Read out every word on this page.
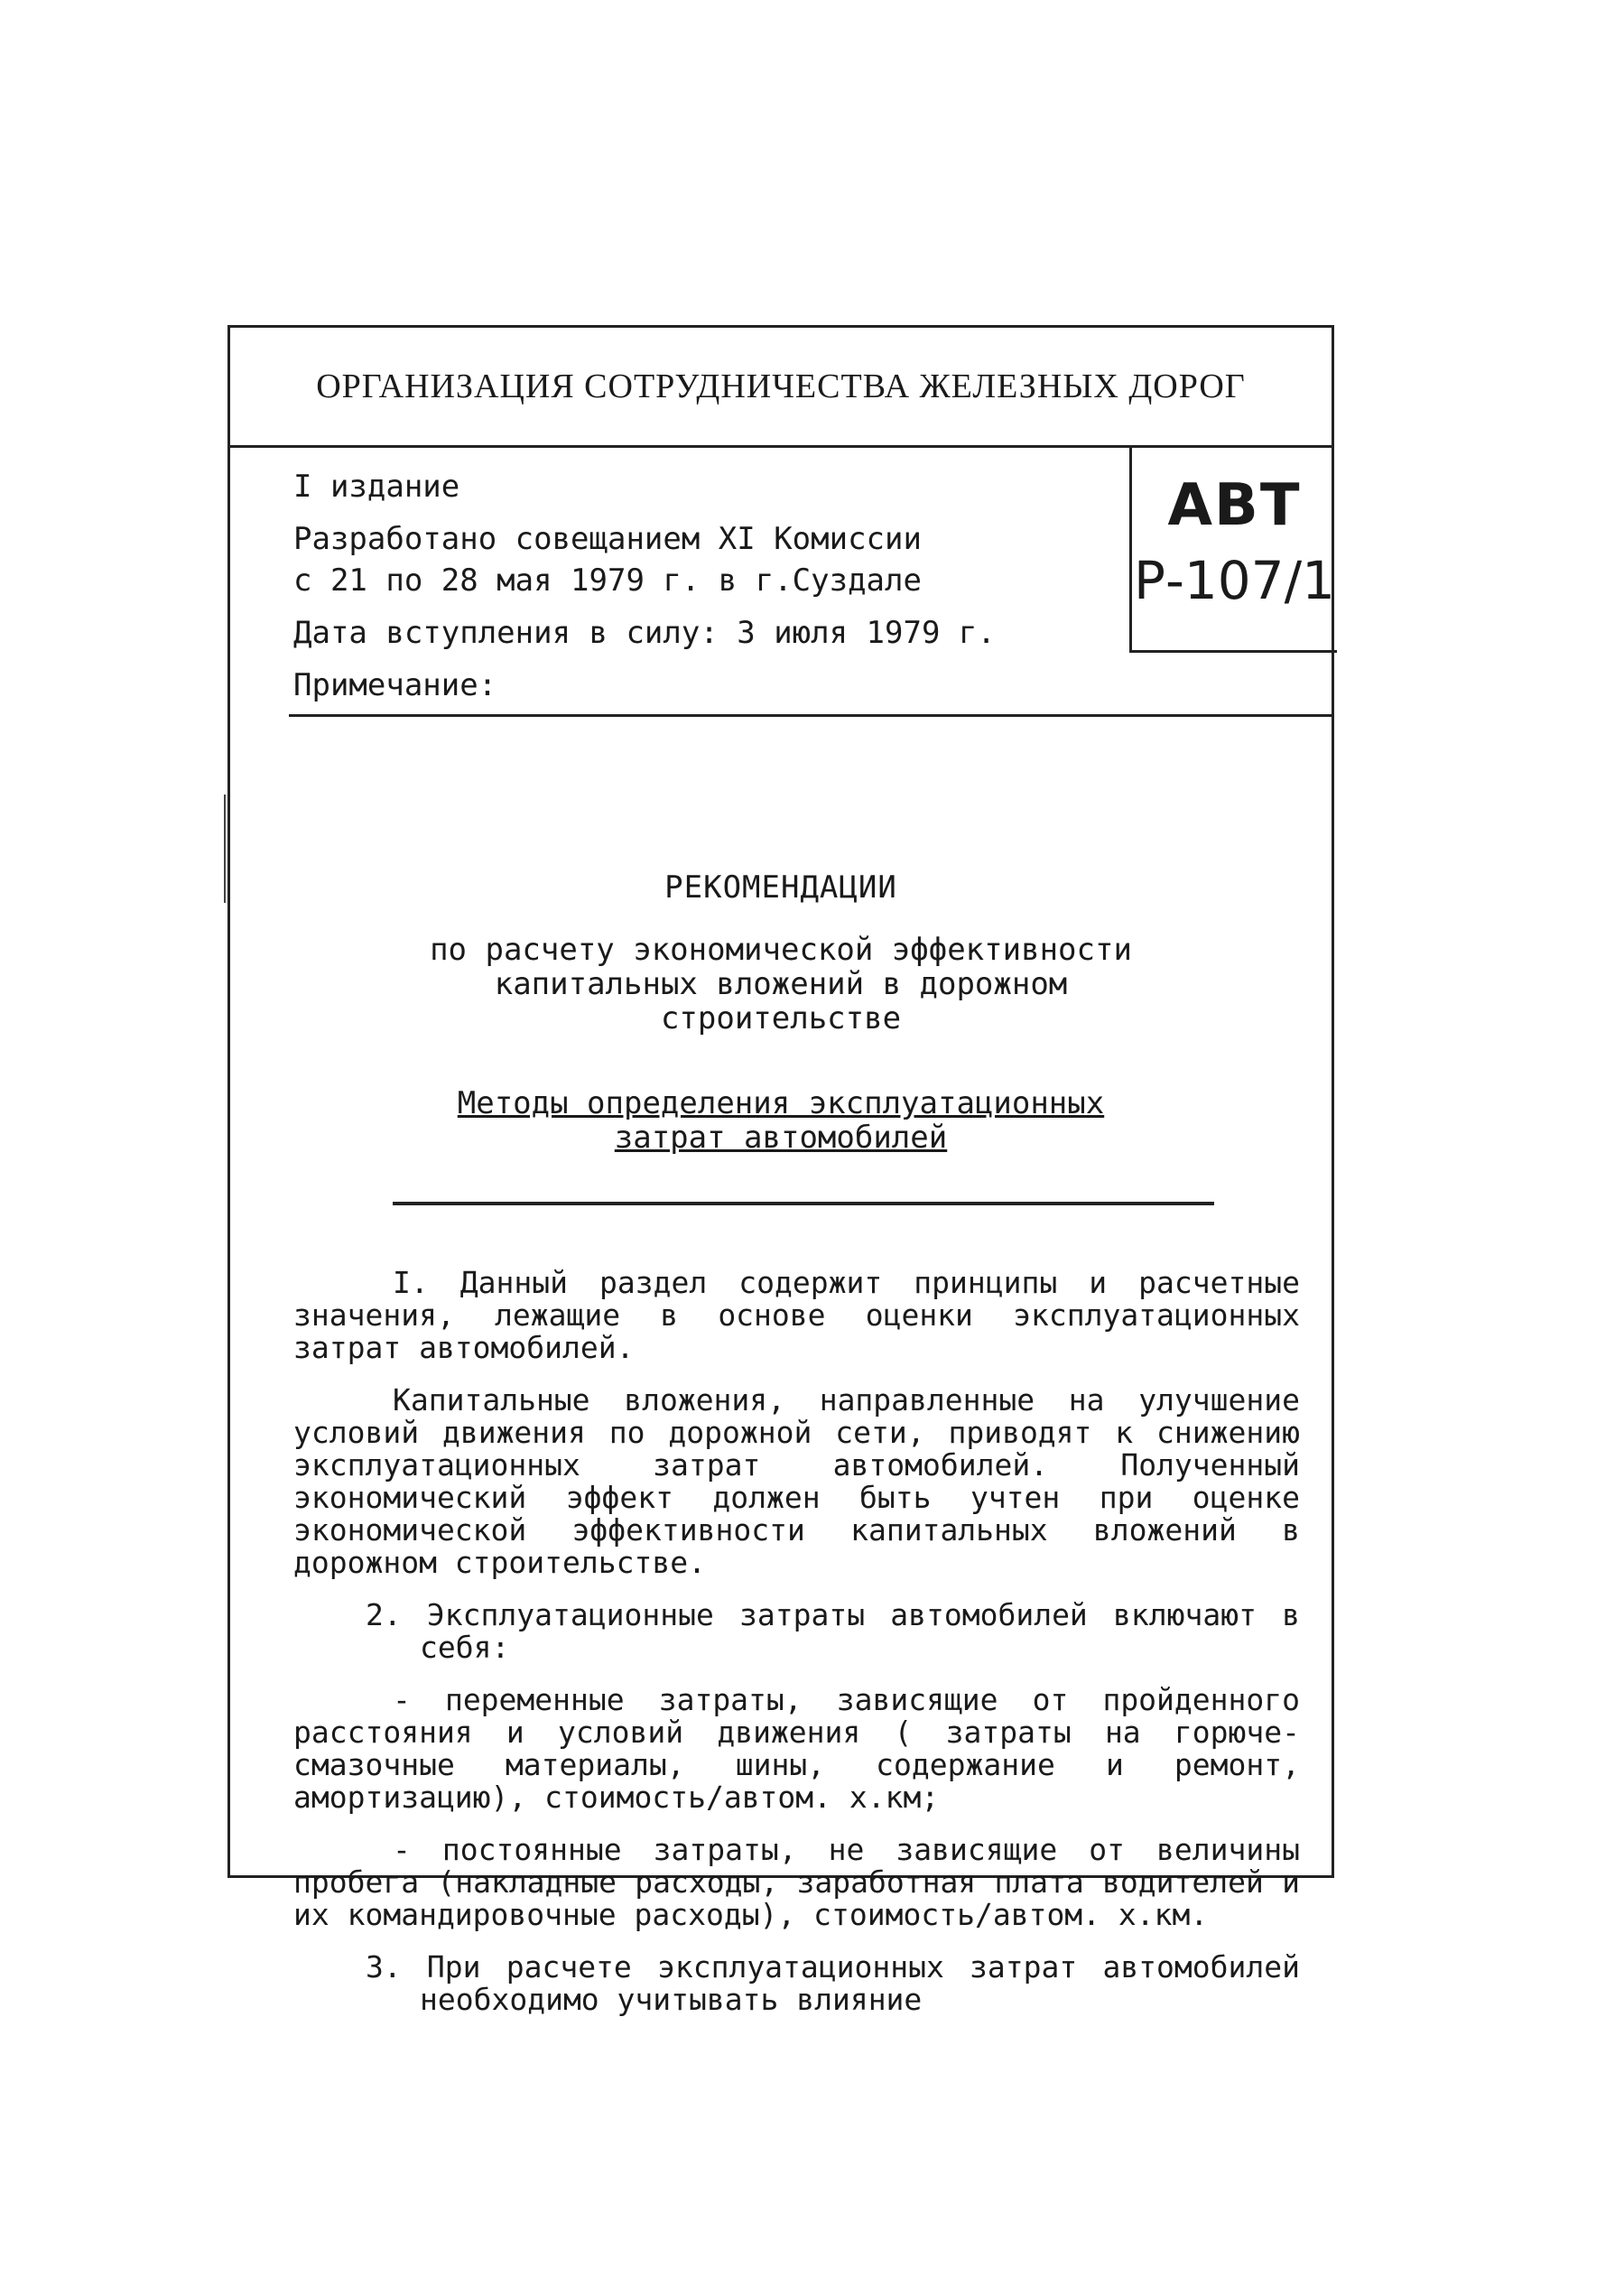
ОРГАНИЗАЦИЯ СОТРУДНИЧЕСТВА ЖЕЛЕЗНЫХ ДОРОГ
I издание
Разработано совещанием XI Комиссии
с 21 по 28 мая 1979 г. в г.Суздале
Дата вступления в силу: 3 июля 1979 г.
Примечание:
АВТ
Р-107/1
РЕКОМЕНДАЦИИ
по расчету экономической эффективности
капитальных вложений в дорожном
строительстве
Методы определения эксплуатационных
затрат автомобилей

I. Данный раздел содержит принципы и расчетные значения, лежащие в основе оценки эксплуатационных затрат автомобилей.

Капитальные вложения, направленные на улучшение условий движения по дорожной сети, приводят к снижению эксплуатационных затрат автомобилей. Полученный экономический эффект должен быть учтен при оценке экономической эффективности капитальных вложений в дорожном строительстве.

2. Эксплуатационные затраты автомобилей включают в себя:

- переменные затраты, зависящие от пройденного расстояния и условий движения ( затраты на горюче-смазочные материалы, шины, содержание и ремонт, амортизацию), стоимость/автом. х.км;

- постоянные затраты, не зависящие от величины пробега (накладные расходы, заработная плата водителей и их командировочные расходы), стоимость/автом. х.км.

3. При расчете эксплуатационных затрат автомобилей необходимо учитывать влияние
